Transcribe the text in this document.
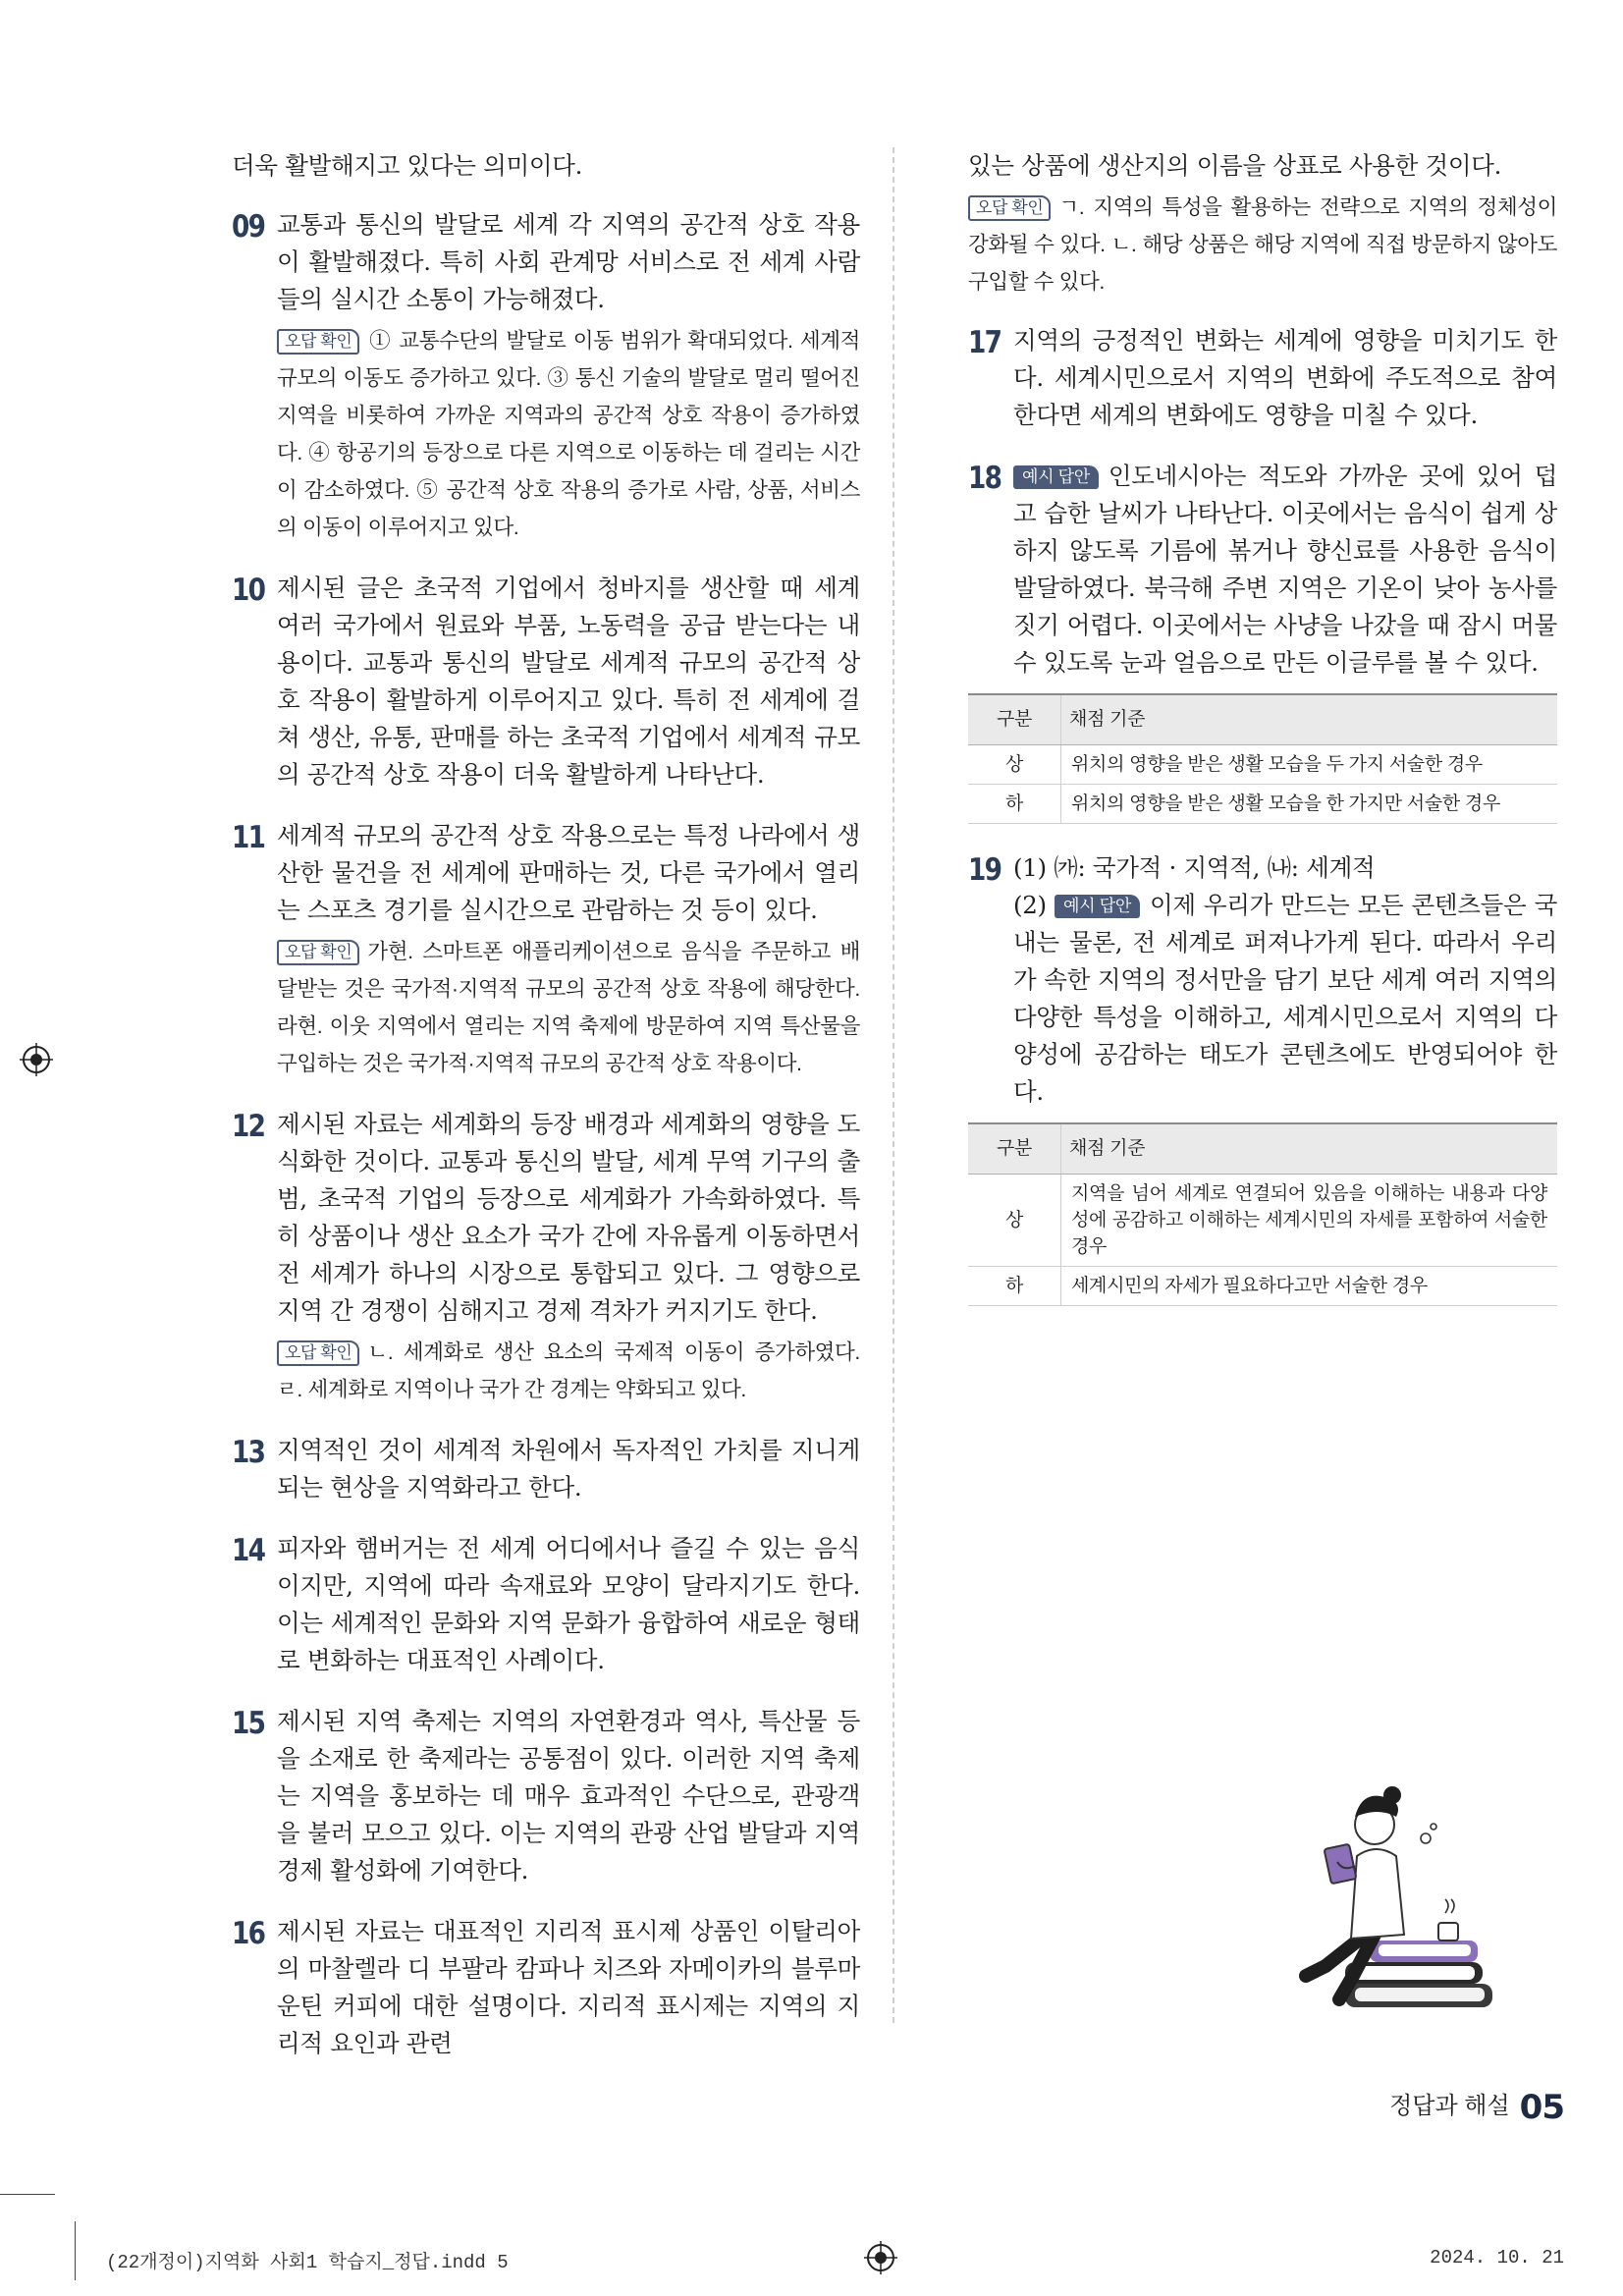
더욱 활발해지고 있다는 의미이다.
09 교통과 통신의 발달로 세계 각 지역의 공간적 상호 작용이 활발해졌다. 특히 사회 관계망 서비스로 전 세계 사람들의 실시간 소통이 가능해졌다.
오답 확인 ① 교통수단의 발달로 이동 범위가 확대되었다. 세계적 규모의 이동도 증가하고 있다. ③ 통신 기술의 발달로 멀리 떨어진 지역을 비롯하여 가까운 지역과의 공간적 상호 작용이 증가하였다. ④ 항공기의 등장으로 다른 지역으로 이동하는 데 걸리는 시간이 감소하였다. ⑤ 공간적 상호 작용의 증가로 사람, 상품, 서비스의 이동이 이루어지고 있다.
10 제시된 글은 초국적 기업에서 청바지를 생산할 때 세계 여러 국가에서 원료와 부품, 노동력을 공급 받는다는 내용이다. 교통과 통신의 발달로 세계적 규모의 공간적 상호 작용이 활발하게 이루어지고 있다. 특히 전 세계에 걸쳐 생산, 유통, 판매를 하는 초국적 기업에서 세계적 규모의 공간적 상호 작용이 더욱 활발하게 나타난다.
11 세계적 규모의 공간적 상호 작용으로는 특정 나라에서 생산한 물건을 전 세계에 판매하는 것, 다른 국가에서 열리는 스포츠 경기를 실시간으로 관람하는 것 등이 있다.
오답 확인 가현. 스마트폰 애플리케이션으로 음식을 주문하고 배달받는 것은 국가적·지역적 규모의 공간적 상호 작용에 해당한다. 라현. 이웃 지역에서 열리는 지역 축제에 방문하여 지역 특산물을 구입하는 것은 국가적·지역적 규모의 공간적 상호 작용이다.
12 제시된 자료는 세계화의 등장 배경과 세계화의 영향을 도식화한 것이다. 교통과 통신의 발달, 세계 무역 기구의 출범, 초국적 기업의 등장으로 세계화가 가속화하였다. 특히 상품이나 생산 요소가 국가 간에 자유롭게 이동하면서 전 세계가 하나의 시장으로 통합되고 있다. 그 영향으로 지역 간 경쟁이 심해지고 경제 격차가 커지기도 한다.
오답 확인 ㄴ. 세계화로 생산 요소의 국제적 이동이 증가하였다. ㄹ. 세계화로 지역이나 국가 간 경계는 약화되고 있다.
13 지역적인 것이 세계적 차원에서 독자적인 가치를 지니게 되는 현상을 지역화라고 한다.
14 피자와 햄버거는 전 세계 어디에서나 즐길 수 있는 음식이지만, 지역에 따라 속재료와 모양이 달라지기도 한다. 이는 세계적인 문화와 지역 문화가 융합하여 새로운 형태로 변화하는 대표적인 사례이다.
15 제시된 지역 축제는 지역의 자연환경과 역사, 특산물 등을 소재로 한 축제라는 공통점이 있다. 이러한 지역 축제는 지역을 홍보하는 데 매우 효과적인 수단으로, 관광객을 불러 모으고 있다. 이는 지역의 관광 산업 발달과 지역 경제 활성화에 기여한다.
16 제시된 자료는 대표적인 지리적 표시제 상품인 이탈리아의 마찰렐라 디 부팔라 캄파나 치즈와 자메이카의 블루마운틴 커피에 대한 설명이다. 지리적 표시제는 지역의 지리적 요인과 관련
있는 상품에 생산지의 이름을 상표로 사용한 것이다.
오답 확인 ㄱ. 지역의 특성을 활용하는 전략으로 지역의 정체성이 강화될 수 있다. ㄴ. 해당 상품은 해당 지역에 직접 방문하지 않아도 구입할 수 있다.
17 지역의 긍정적인 변화는 세계에 영향을 미치기도 한다. 세계시민으로서 지역의 변화에 주도적으로 참여한다면 세계의 변화에도 영향을 미칠 수 있다.
18	예시 답안 인도네시아는 적도와 가까운 곳에 있어 덥고 습한 날씨가 나타난다. 이곳에서는 음식이 쉽게 상하지 않도록 기름에 볶거나 향신료를 사용한 음식이 발달하였다. 북극해 주변 지역은 기온이 낮아 농사를 짓기 어렵다. 이곳에서는 사냥을 나갔을 때 잠시 머물 수 있도록 눈과 얼음으로 만든 이글루를 볼 수 있다.
구분	채점 기준
상	위치의 영향을 받은 생활 모습을 두 가지 서술한 경우
하	위치의 영향을 받은 생활 모습을 한 가지만 서술한 경우
19 (1) ㈎: 국가적 · 지역적, ㈏: 세계적
(2) 예시 답안 이제 우리가 만드는 모든 콘텐츠들은 국내는 물론, 전 세계로 퍼져나가게 된다. 따라서 우리가 속한 지역의 정서만을 담기 보단 세계 여러 지역의 다양한 특성을 이해하고, 세계시민으로서 지역의 다양성에 공감하는 태도가 콘텐츠에도 반영되어야 한다.
구분	채점 기준
상	지역을 넘어 세계로 연결되어 있음을 이해하는 내용과 다양성에 공감하고 이해하는 세계시민의 자세를 포함하여 서술한 경우
하	세계시민의 자세가 필요하다고만 서술한 경우
정답과 해설 05
(22개정이)지역화 사회1 학습지_정답.indd 5	2024. 10. 21
